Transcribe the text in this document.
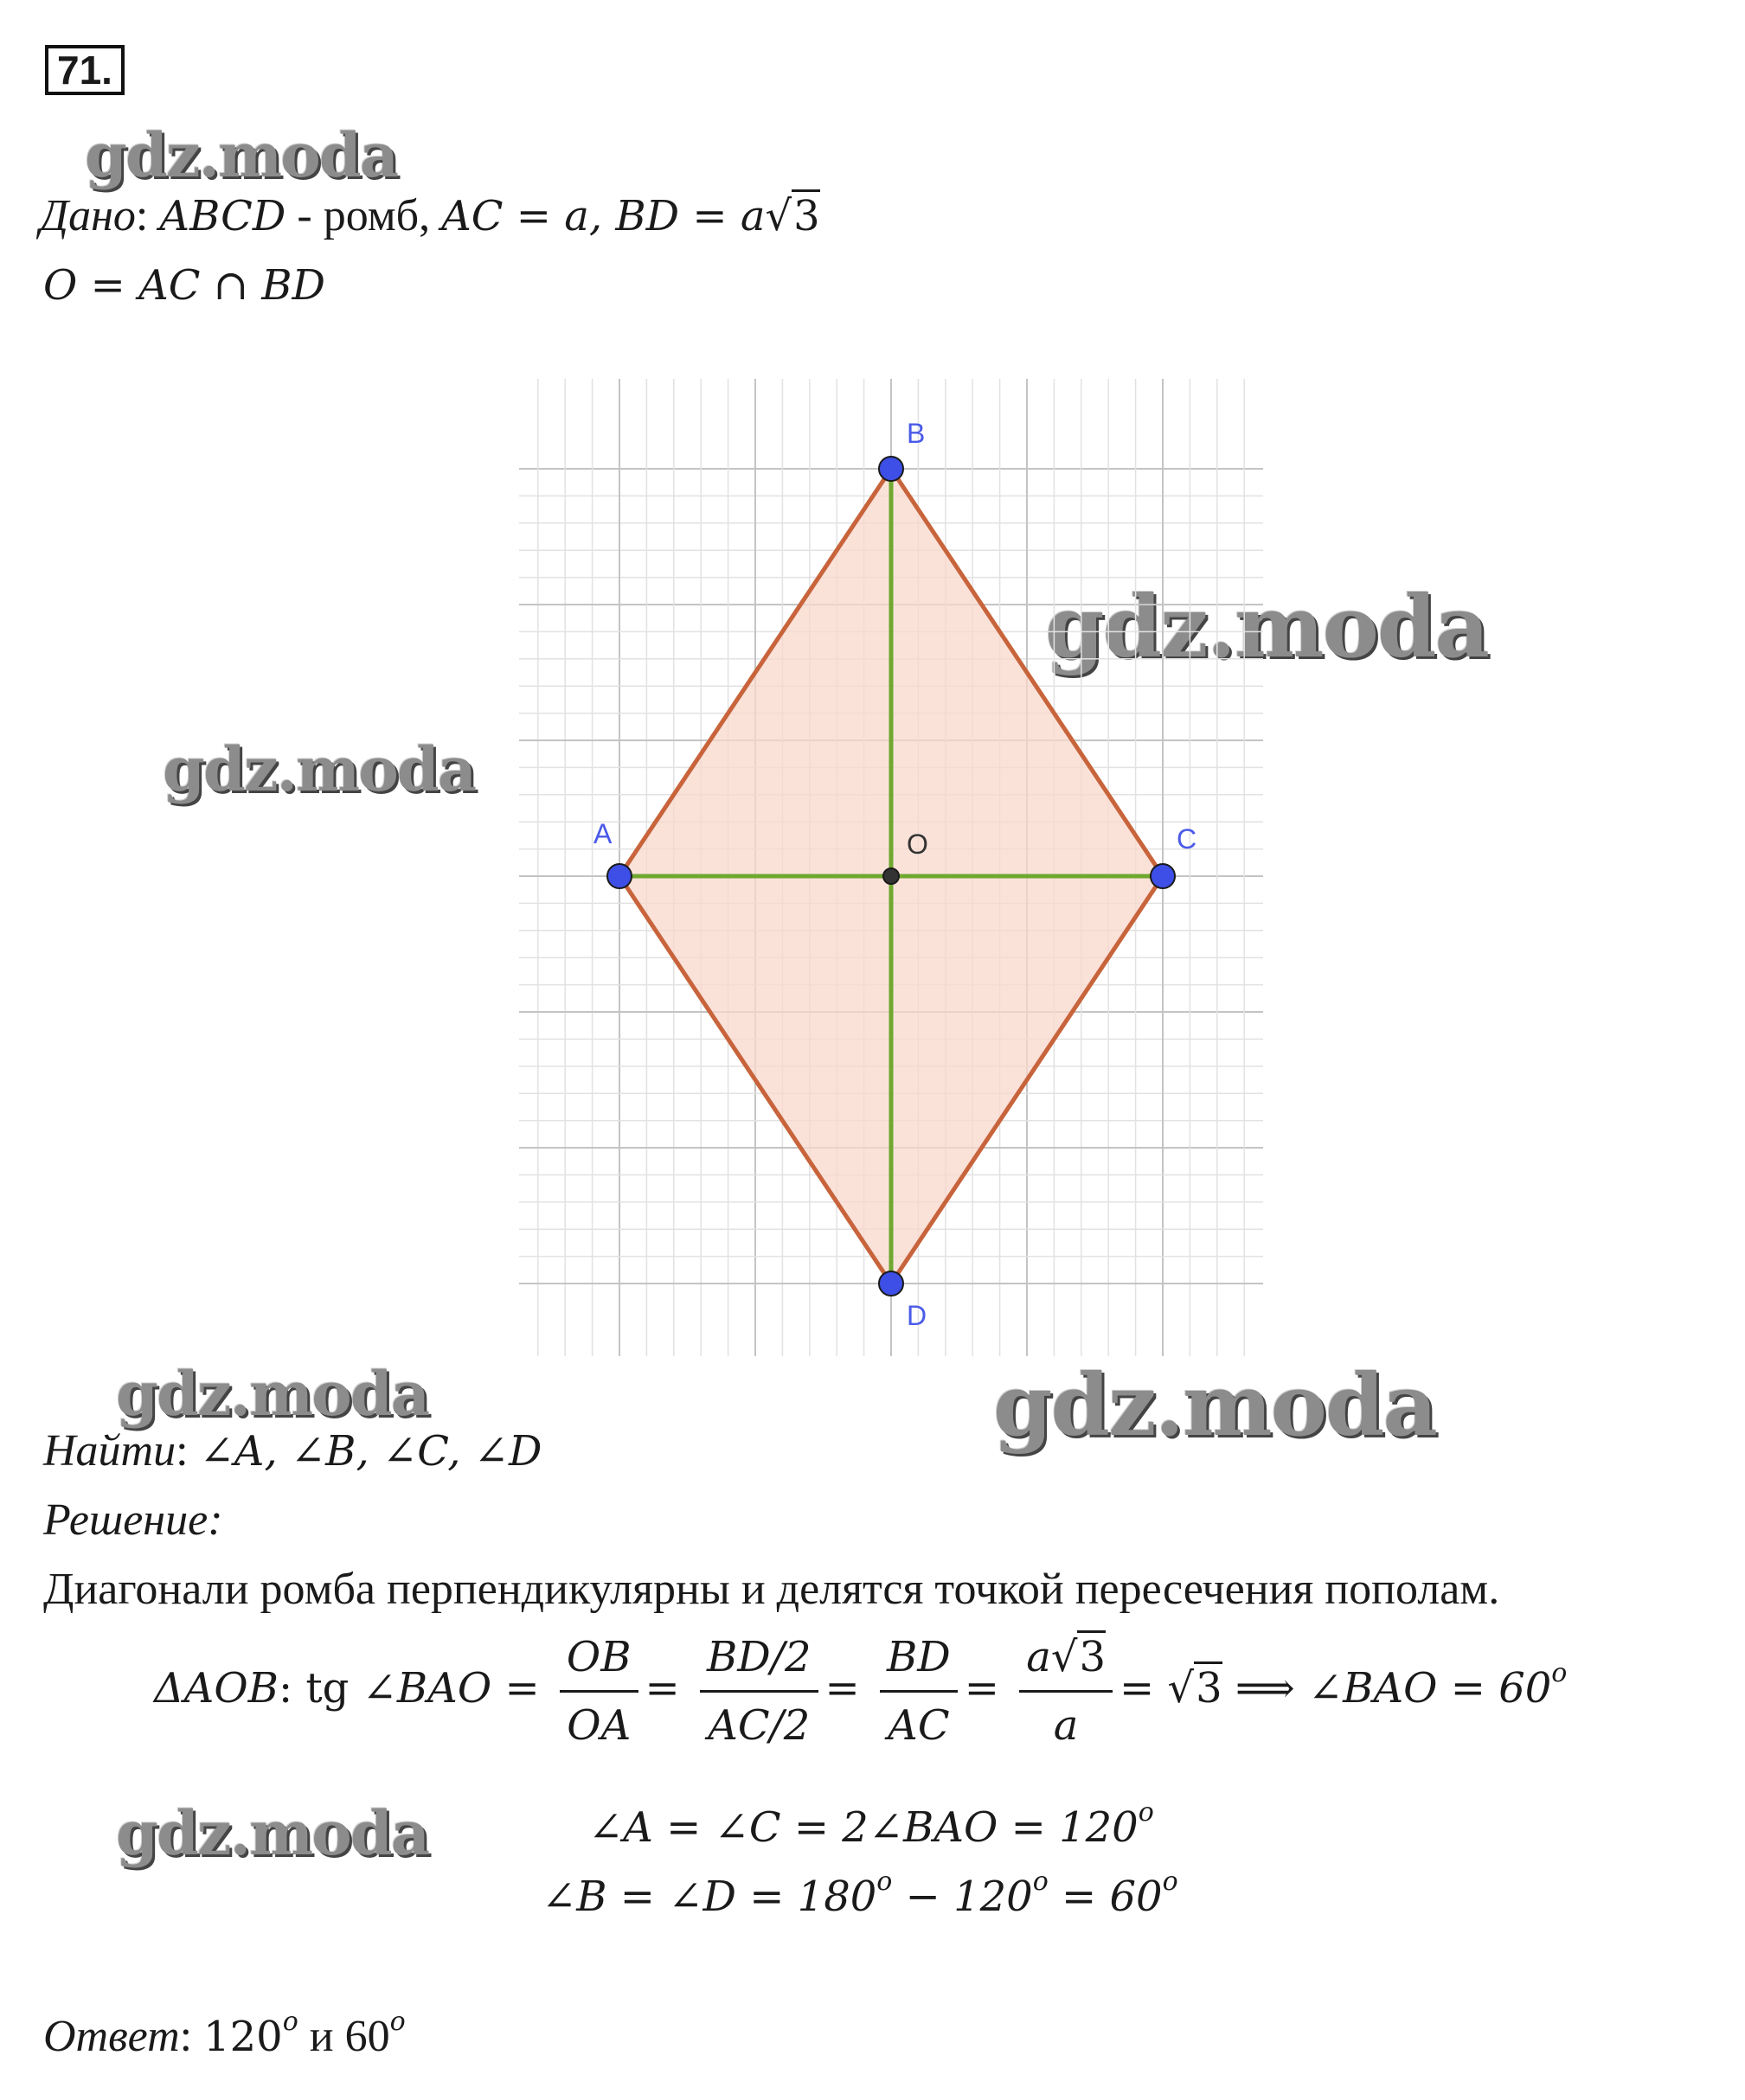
71.
gdz.moda
gdz.moda
gdz.moda
gdz.moda	gdz.moda
gdz.moda
Дано: ABCD - ромб, AC = a, BD = a√3
O = AC ∩ BD
A
B
C
D
O
Найти: ∠A, ∠B, ∠C, ∠D
Решение:
Диагонали ромба перпендикулярны и делятся точкой пересечения пополам.
ΔAOB: tg ∠BAO = $\frac{OB}{OA} = \frac{BD/2}{AC/2} = \frac{BD}{AC} = \frac{a√3}{a} = √3$ ⟹ ∠BAO = $60^o$
∠A = ∠C = 2∠BAO = $120^o$
∠B = ∠D = $180^o - 120^o = 60^o$
Ответ: 120$^o$ и 60$^o$
